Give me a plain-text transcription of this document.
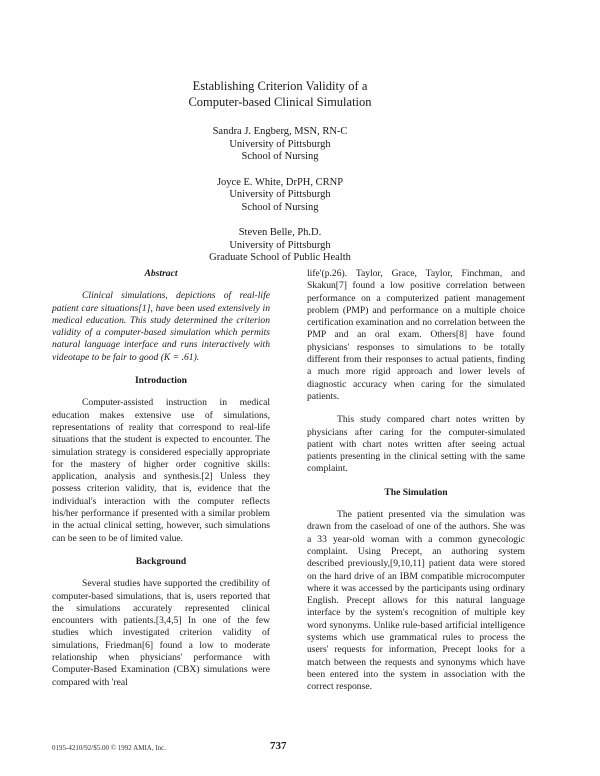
Establishing Criterion Validity of a
Computer-based Clinical Simulation
Sandra J. Engberg, MSN, RN-C
University of Pittsburgh
School of Nursing
Joyce E. White, DrPH, CRNP
University of Pittsburgh
School of Nursing
Steven Belle, Ph.D.
University of Pittsburgh
Graduate School of Public Health
Abstract

Clinical simulations, depictions of real-life patient care situations[1], have been used extensively in medical education. This study determined the criterion validity of a computer-based simulation which permits natural language interface and runs interactively with videotape to be fair to good (K = .61).

Introduction

Computer-assisted instruction in medical education makes extensive use of simulations, representations of reality that correspond to real-life situations that the student is expected to encounter. The simulation strategy is considered especially appropriate for the mastery of higher order cognitive skills: application, analysis and synthesis.[2] Unless they possess criterion validity, that is, evidence that the individual's interaction with the computer reflects his/her performance if presented with a similar problem in the actual clinical setting, however, such simulations can be seen to be of limited value.

Background

Several studies have supported the credibility of computer-based simulations, that is, users reported that the simulations accurately represented clinical encounters with patients.[3,4,5] In one of the few studies which investigated criterion validity of simulations, Friedman[6] found a low to moderate relationship when physicians' performance with Computer-Based Examination (CBX) simulations were compared with 'real

life'(p.26). Taylor, Grace, Taylor, Finchman, and Skakun[7] found a low positive correlation between performance on a computerized patient management problem (PMP) and performance on a multiple choice certification examination and no correlation between the PMP and an oral exam. Others[8] have found physicians' responses to simulations to be totally different from their responses to actual patients, finding a much more rigid approach and lower levels of diagnostic accuracy when caring for the simulated patients.

This study compared chart notes written by physicians after caring for the computer-simulated patient with chart notes written after seeing actual patients presenting in the clinical setting with the same complaint.

The Simulation

The patient presented via the simulation was drawn from the caseload of one of the authors. She was a 33 year-old woman with a common gynecologic complaint. Using Precept, an authoring system described previously,[9,10,11] patient data were stored on the hard drive of an IBM compatible microcomputer where it was accessed by the participants using ordinary English. Precept allows for this natural language interface by the system's recognition of multiple key word synonyms. Unlike rule-based artificial intelligence systems which use grammatical rules to process the users' requests for information, Precept looks for a match between the requests and synonyms which have been entered into the system in association with the correct response.

0195-4210/92/$5.00 © 1992 AMIA, Inc.	737
